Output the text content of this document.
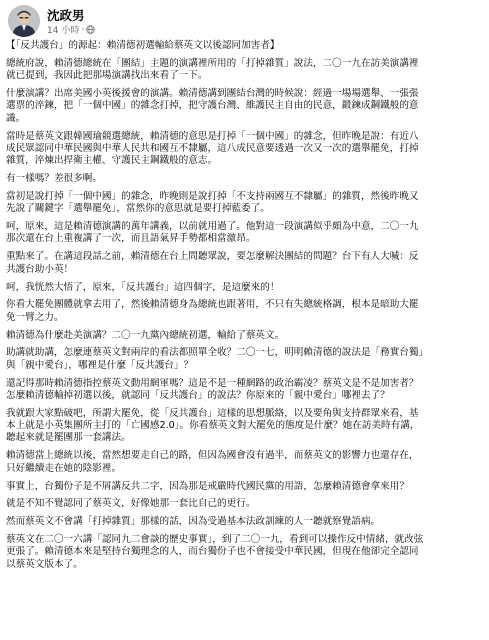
沈政男
14 小時 ·

【「反共護台」的源起：賴清德初選輸給蔡英文以後認同加害者】

總統府說，賴清德總統在「團結」主題的演講裡所用的「打掉雜質」說法，二〇一九在訪美演講裡
就已提到，我因此把那場演講找出來看了一下。

什麼演講？出席美國小英後援會的演講。賴清德講到團結台灣的時候說：經過一場場選舉、一張張
選票的淬鍊，把「一個中國」的雜念打掉，把守護台灣、維護民主自由的民意，鍛鍊成鋼鐵般的意
識。

當時是蔡英文跟韓國瑜競選總統，賴清德的意思是打掉「一個中國」的雜念，但昨晚是說：有近八
成民眾認同中華民國與中華人民共和國互不隸屬，這八成民意要透過一次又一次的選舉罷免，打掉
雜質，淬煉出捍衛主權、守護民主鋼鐵般的意志。

有一樣嗎？差很多啊。

當初是說打掉「一個中國」的雜念，昨晚則是說打掉「不支持兩國互不隸屬」的雜質，然後昨晚又
先說了關鍵字「選舉罷免」，當然你的意思就是要打掉藍委了。

呵，原來，這是賴清德演講的萬年講義，以前就用過了。他對這一段演講似乎頗為中意，二〇一九
那次還在台上重複講了一次，而且語氣昇手勢都相當激昂。

重點來了。在講這段話之前，賴清德在台上問聽眾說，要怎麼解決團結的問題？台下有人大喊：反
共護台助小英！

呵，我恍然大悟了，原來，「反共護台」這四個字，是這麼來的！

你看大罷免團體就拿去用了，然後賴清德身為總統也跟著用，不只有失總統格調，根本是暗助大罷
免一臂之力。

賴清德為什麼赴美演講？二〇一九黨內總統初選，輸給了蔡英文。

助講就助講，怎麼連蔡英文對兩岸的看法都照單全收？二〇一七，明明賴清德的說法是「務實台獨」
與「親中愛台」，哪裡是什麼「反共護台」？

還記得那時賴清德指控蔡英文動用網軍嗎？這是不是一種網路的政治霸凌？蔡英文是不是加害者？
怎麼賴清德輸掉初選以後，就認同「反共護台」的說法？你原來的「親中愛台」哪裡去了？

我就跟大家點破吧，所謂大罷免，從「反共護台」這樣的思想脈絡，以及要角與支持群眾來看，基
本上就是小英集團所主打的「亡國感2.0」。你看蔡英文對大罷免的態度是什麼？她在訪美時有講，
聽起來就是罷團那一套講法。

賴清德當上總統以後，當然想要走自己的路，但因為國會沒有過半，而蔡英文的影響力也還存在，
只好繼續走在她的陰影裡。

事實上，台獨份子是不屑講反共二字，因為那是戒嚴時代國民黨的用語，怎麼賴清德會拿來用？

就是不知不覺認同了蔡英文，好像她那一套比自己的更行。

然而蔡英文不會講「打掉雜質」那樣的話，因為受過基本法政訓練的人一聽就察覺語病。

蔡英文在二〇一六講「認同九二會談的歷史事實」，到了二〇一九，看到可以操作反中情緒，就改弦
更張了。賴清德本來是堅持台獨理念的人，而台獨份子也不會接受中華民國，但現在他卻完全認同
以蔡英文版本了。
